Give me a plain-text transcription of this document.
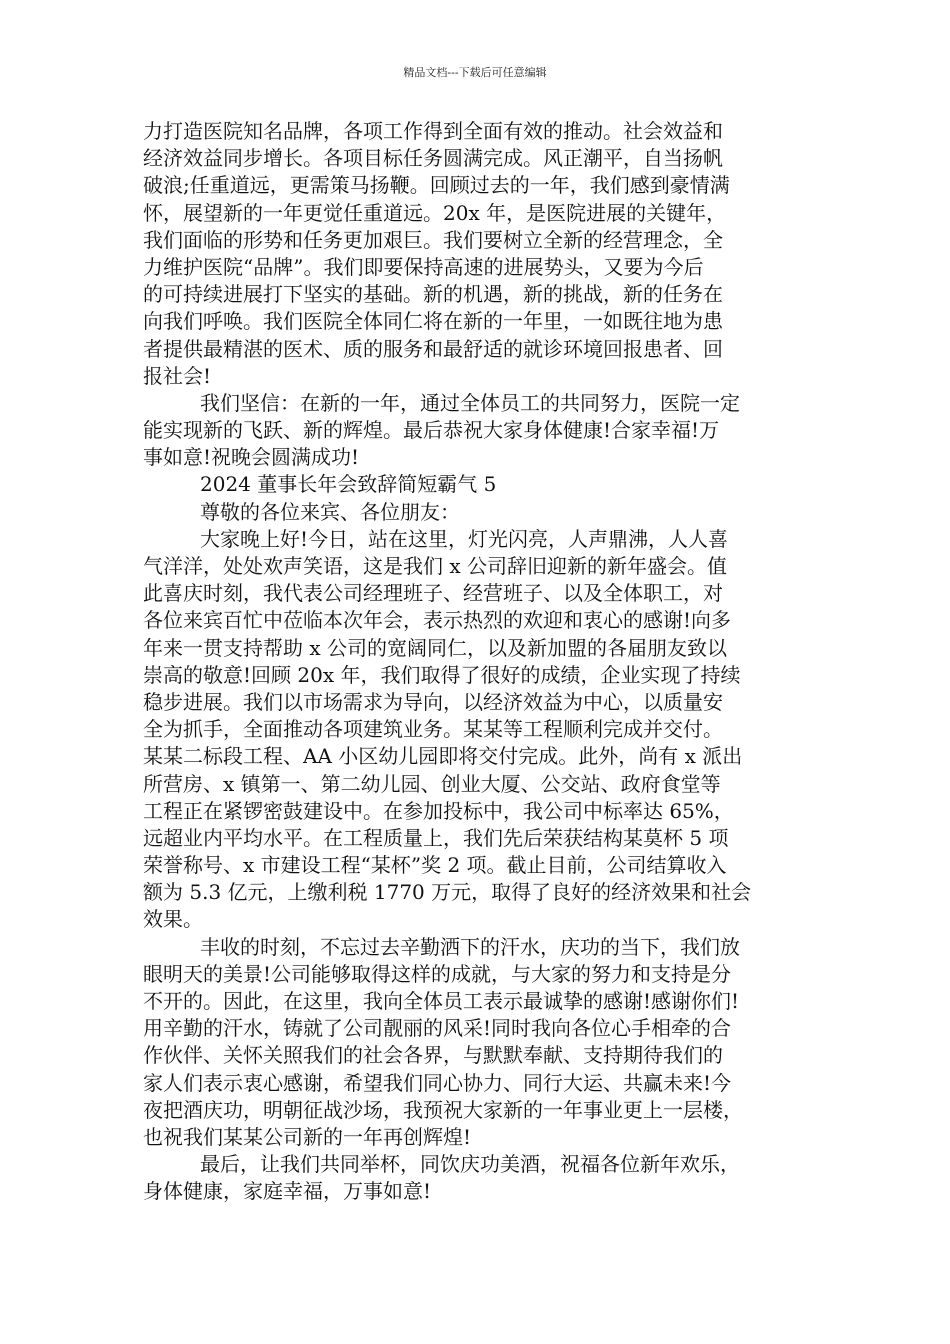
精品文档---下载后可任意编辑
力打造医院知名品牌，各项工作得到全面有效的推动。社会效益和
经济效益同步增长。各项目标任务圆满完成。风正潮平，自当扬帆
破浪;任重道远，更需策马扬鞭。回顾过去的一年，我们感到豪情满
怀，展望新的一年更觉任重道远。20x 年，是医院进展的关键年，
我们面临的形势和任务更加艰巨。我们要树立全新的经营理念，全
力维护医院“品牌”。我们即要保持高速的进展势头，又要为今后
的可持续进展打下坚实的基础。新的机遇，新的挑战，新的任务在
向我们呼唤。我们医院全体同仁将在新的一年里，一如既往地为患
者提供最精湛的医术、质的服务和最舒适的就诊环境回报患者、回
报社会!
我们坚信：在新的一年，通过全体员工的共同努力，医院一定
能实现新的飞跃、新的辉煌。最后恭祝大家身体健康!合家幸福!万
事如意!祝晚会圆满成功!
2024 董事长年会致辞简短霸气 5
尊敬的各位来宾、各位朋友：
大家晚上好!今日，站在这里，灯光闪亮，人声鼎沸，人人喜
气洋洋，处处欢声笑语，这是我们 x 公司辞旧迎新的新年盛会。值
此喜庆时刻，我代表公司经理班子、经营班子、以及全体职工，对
各位来宾百忙中莅临本次年会，表示热烈的欢迎和衷心的感谢!向多
年来一贯支持帮助 x 公司的宽阔同仁，以及新加盟的各届朋友致以
崇高的敬意!回顾 20x 年，我们取得了很好的成绩，企业实现了持续
稳步进展。我们以市场需求为导向，以经济效益为中心，以质量安
全为抓手，全面推动各项建筑业务。某某等工程顺利完成并交付。
某某二标段工程、AA 小区幼儿园即将交付完成。此外，尚有 x 派出
所营房、x 镇第一、第二幼儿园、创业大厦、公交站、政府食堂等
工程正在紧锣密鼓建设中。在参加投标中，我公司中标率达 65%，
远超业内平均水平。在工程质量上，我们先后荣获结构某莫杯 5 项
荣誉称号、x 市建设工程“某杯”奖 2 项。截止目前，公司结算收入
额为 5.3 亿元，上缴利税 1770 万元，取得了良好的经济效果和社会
效果。
丰收的时刻，不忘过去辛勤洒下的汗水，庆功的当下，我们放
眼明天的美景!公司能够取得这样的成就，与大家的努力和支持是分
不开的。因此，在这里，我向全体员工表示最诚挚的感谢!感谢你们!
用辛勤的汗水，铸就了公司靓丽的风采!同时我向各位心手相牵的合
作伙伴、关怀关照我们的社会各界，与默默奉献、支持期待我们的
家人们表示衷心感谢，希望我们同心协力、同行大运、共赢未来!今
夜把酒庆功，明朝征战沙场，我预祝大家新的一年事业更上一层楼，
也祝我们某某公司新的一年再创辉煌!
最后，让我们共同举杯，同饮庆功美酒，祝福各位新年欢乐，
身体健康，家庭幸福，万事如意!
